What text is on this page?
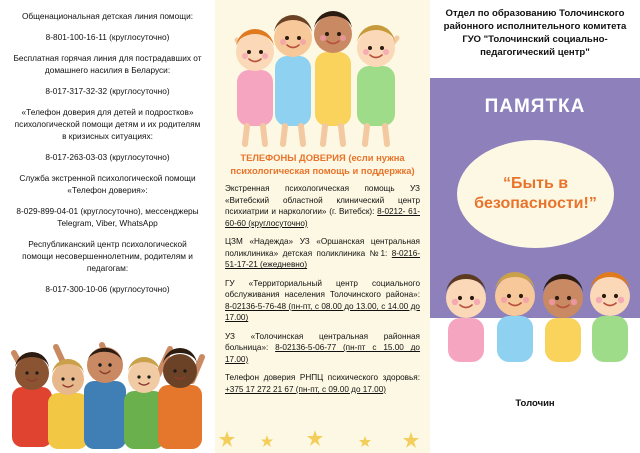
Общенациональная детская линия помощи:

8-801-100-16-11 (круглосуточно)

Бесплатная горячая линия для пострадавших от домашнего насилия в Беларуси:

8-017-317-32-32 (круглосуточно)

«Телефон доверия для детей и подростков» психологической помощи детям и их родителям в кризисных ситуациях:

8-017-263-03-03 (круглосуточно)

Служба экстренной психологической помощи «Телефон доверия»:

8-029-899-04-01 (круглосуточно), мессенджеры Telegram, Viber, WhatsApp

Республиканский центр психологической помощи несовершеннолетним, родителям и педагогам:

8-017-300-10-06 (круглосуточно)

ТЕЛЕФОНЫ ДОВЕРИЯ (если нужна психологическая помощь и поддержка)

Экстренная психологическая помощь УЗ «Витебский областной клинический центр психиатрии и наркологии» (г. Витебск): 8-0212- 61-60-60 (круглосуточно)

ЦЗМ «Надежда» УЗ «Оршанская центральная поликлиника» детская поликлиника №1: 8-0216-51-17-21 (ежедневно)

ГУ «Территориальный центр социального обслуживания населения Толочинского района»: 8-02136-5-76-48 (пн-пт, с 08.00 до 13.00, с 14.00 до 17.00)

УЗ «Толочинская центральная районная больница»: 8-02136-5-06-77 (пн-пт с 15.00 до 17.00)

Телефон доверия РНПЦ психического здоровья: +375 17 272 21 67 (пн-пт, с 09.00 до 17.00)

Отдел по образованию Толочинского районного исполнительного комитета ГУО "Толочинский социально-педагогический центр"
ПАМЯТКА
“Быть в безопасности!”
Толочин
